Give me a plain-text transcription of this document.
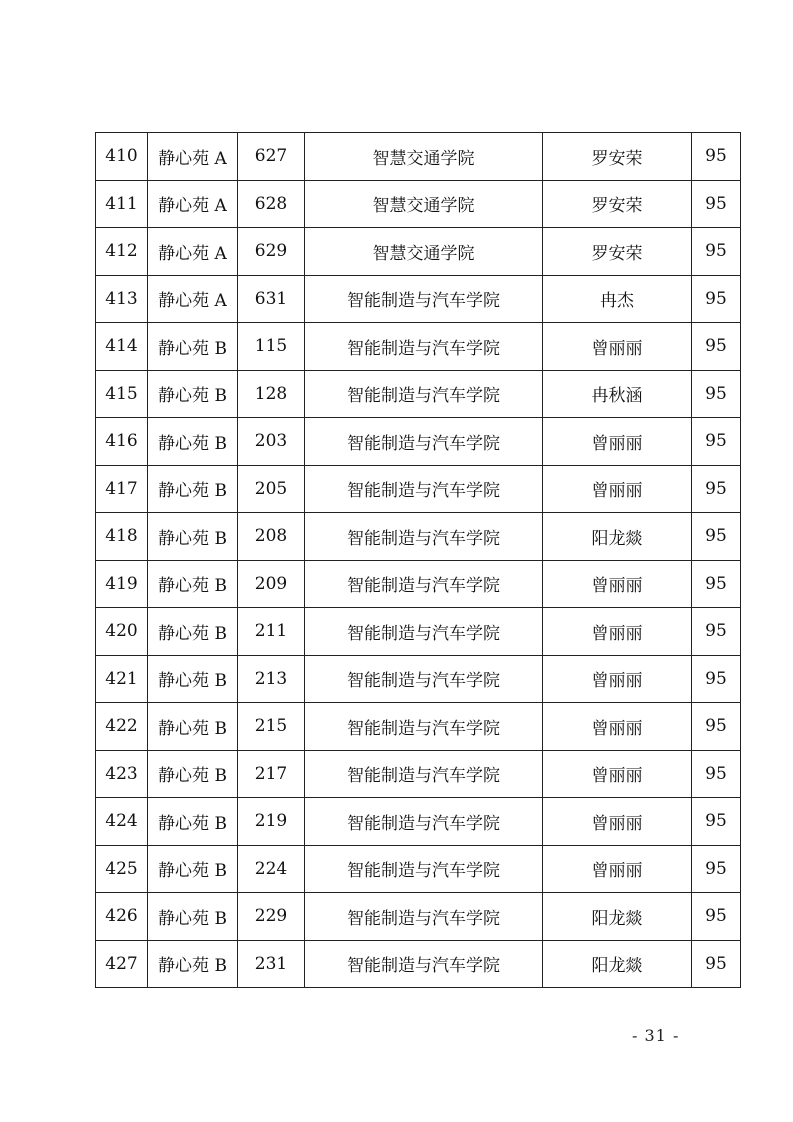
410	静心苑 A	627	智慧交通学院	罗安荣	95
411	静心苑 A	628	智慧交通学院	罗安荣	95
412	静心苑 A	629	智慧交通学院	罗安荣	95
413	静心苑 A	631	智能制造与汽车学院	冉杰	95
414	静心苑 B	115	智能制造与汽车学院	曾丽丽	95
415	静心苑 B	128	智能制造与汽车学院	冉秋涵	95
416	静心苑 B	203	智能制造与汽车学院	曾丽丽	95
417	静心苑 B	205	智能制造与汽车学院	曾丽丽	95
418	静心苑 B	208	智能制造与汽车学院	阳龙燚	95
419	静心苑 B	209	智能制造与汽车学院	曾丽丽	95
420	静心苑 B	211	智能制造与汽车学院	曾丽丽	95
421	静心苑 B	213	智能制造与汽车学院	曾丽丽	95
422	静心苑 B	215	智能制造与汽车学院	曾丽丽	95
423	静心苑 B	217	智能制造与汽车学院	曾丽丽	95
424	静心苑 B	219	智能制造与汽车学院	曾丽丽	95
425	静心苑 B	224	智能制造与汽车学院	曾丽丽	95
426	静心苑 B	229	智能制造与汽车学院	阳龙燚	95
427	静心苑 B	231	智能制造与汽车学院	阳龙燚	95
- 31 -
